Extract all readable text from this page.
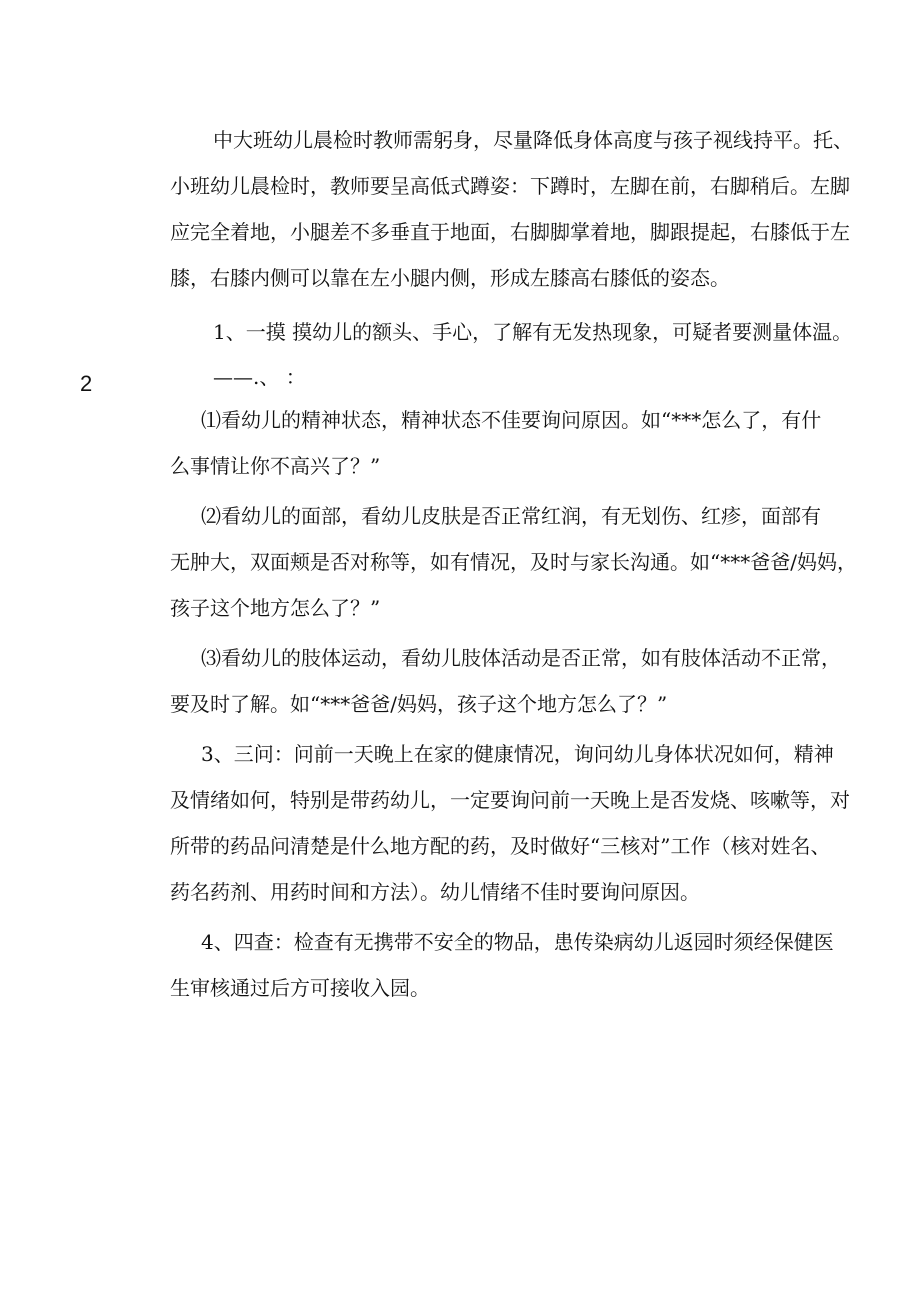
2
中大班幼儿晨检时教师需躬身，尽量降低身体高度与孩子视线持平。托、
小班幼儿晨检时，教师要呈高低式蹲姿：下蹲时，左脚在前，右脚稍后。左脚
应完全着地，小腿差不多垂直于地面，右脚脚掌着地，脚跟提起，右膝低于左
膝，右膝内侧可以靠在左小腿内侧，形成左膝高右膝低的姿态。
1、一摸 摸幼儿的额头、手心，了解有无发热现象，可疑者要测量体温。
——.、 ：
⑴看幼儿的精神状态，精神状态不佳要询问原因。如“***怎么了，有什
么事情让你不高兴了？”
⑵看幼儿的面部，看幼儿皮肤是否正常红润，有无划伤、红疹，面部有
无肿大，双面颊是否对称等，如有情况，及时与家长沟通。如“***爸爸/妈妈，
孩子这个地方怎么了？”
⑶看幼儿的肢体运动，看幼儿肢体活动是否正常，如有肢体活动不正常，
要及时了解。如“***爸爸/妈妈，孩子这个地方怎么了？”
3、三问：问前一天晚上在家的健康情况，询问幼儿身体状况如何，精神
及情绪如何，特别是带药幼儿，一定要询问前一天晚上是否发烧、咳嗽等，对
所带的药品问清楚是什么地方配的药，及时做好“三核对”工作（核对姓名、
药名药剂、用药时间和方法）。幼儿情绪不佳时要询问原因。
4、四查：检查有无携带不安全的物品，患传染病幼儿返园时须经保健医
生审核通过后方可接收入园。
